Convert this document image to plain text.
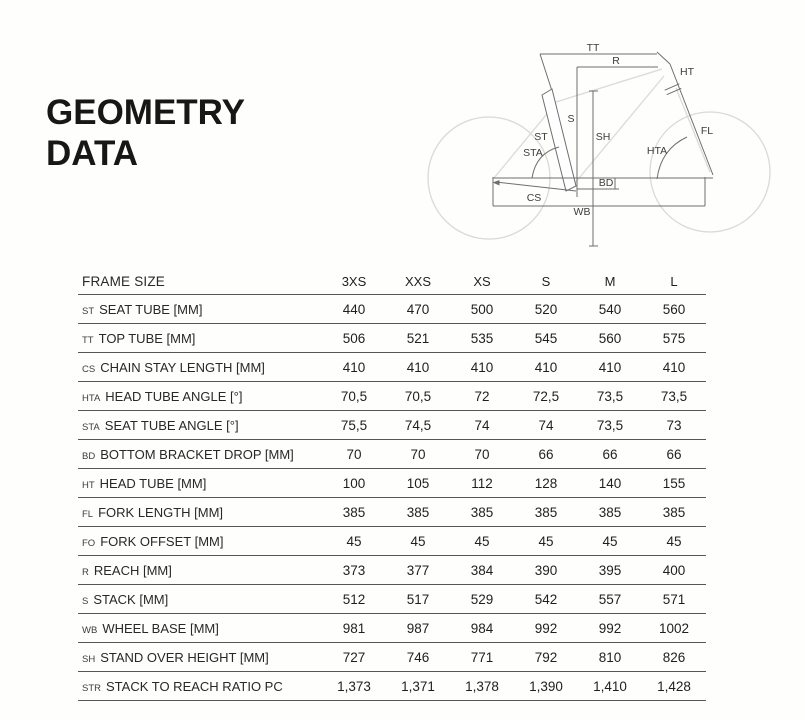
GEOMETRY
DATA
TT
R
HT
ST
S
SH
STA	HTA
FL
BD
CS
WB
FRAME SIZE	3XS	XXS	XS	S	M	L
ST SEAT TUBE [MM]	440	470	500	520	540	560
TT TOP TUBE [MM]	506	521	535	545	560	575
CS CHAIN STAY LENGTH [MM]	410	410	410	410	410	410
HTA HEAD TUBE ANGLE [°]	70,5	70,5	72	72,5	73,5	73,5
STA SEAT TUBE ANGLE [°]	75,5	74,5	74	74	73,5	73
BD BOTTOM BRACKET DROP [MM]	70	70	70	66	66	66
HT HEAD TUBE [MM]	100	105	112	128	140	155
FL FORK LENGTH [MM]	385	385	385	385	385	385
FO FORK OFFSET [MM]	45	45	45	45	45	45
R REACH [MM]	373	377	384	390	395	400
S STACK [MM]	512	517	529	542	557	571
WB WHEEL BASE [MM]	981	987	984	992	992	1002
SH STAND OVER HEIGHT [MM]	727	746	771	792	810	826
STR STACK TO REACH RATIO PC	1,373	1,371	1,378	1,390	1,410	1,428
